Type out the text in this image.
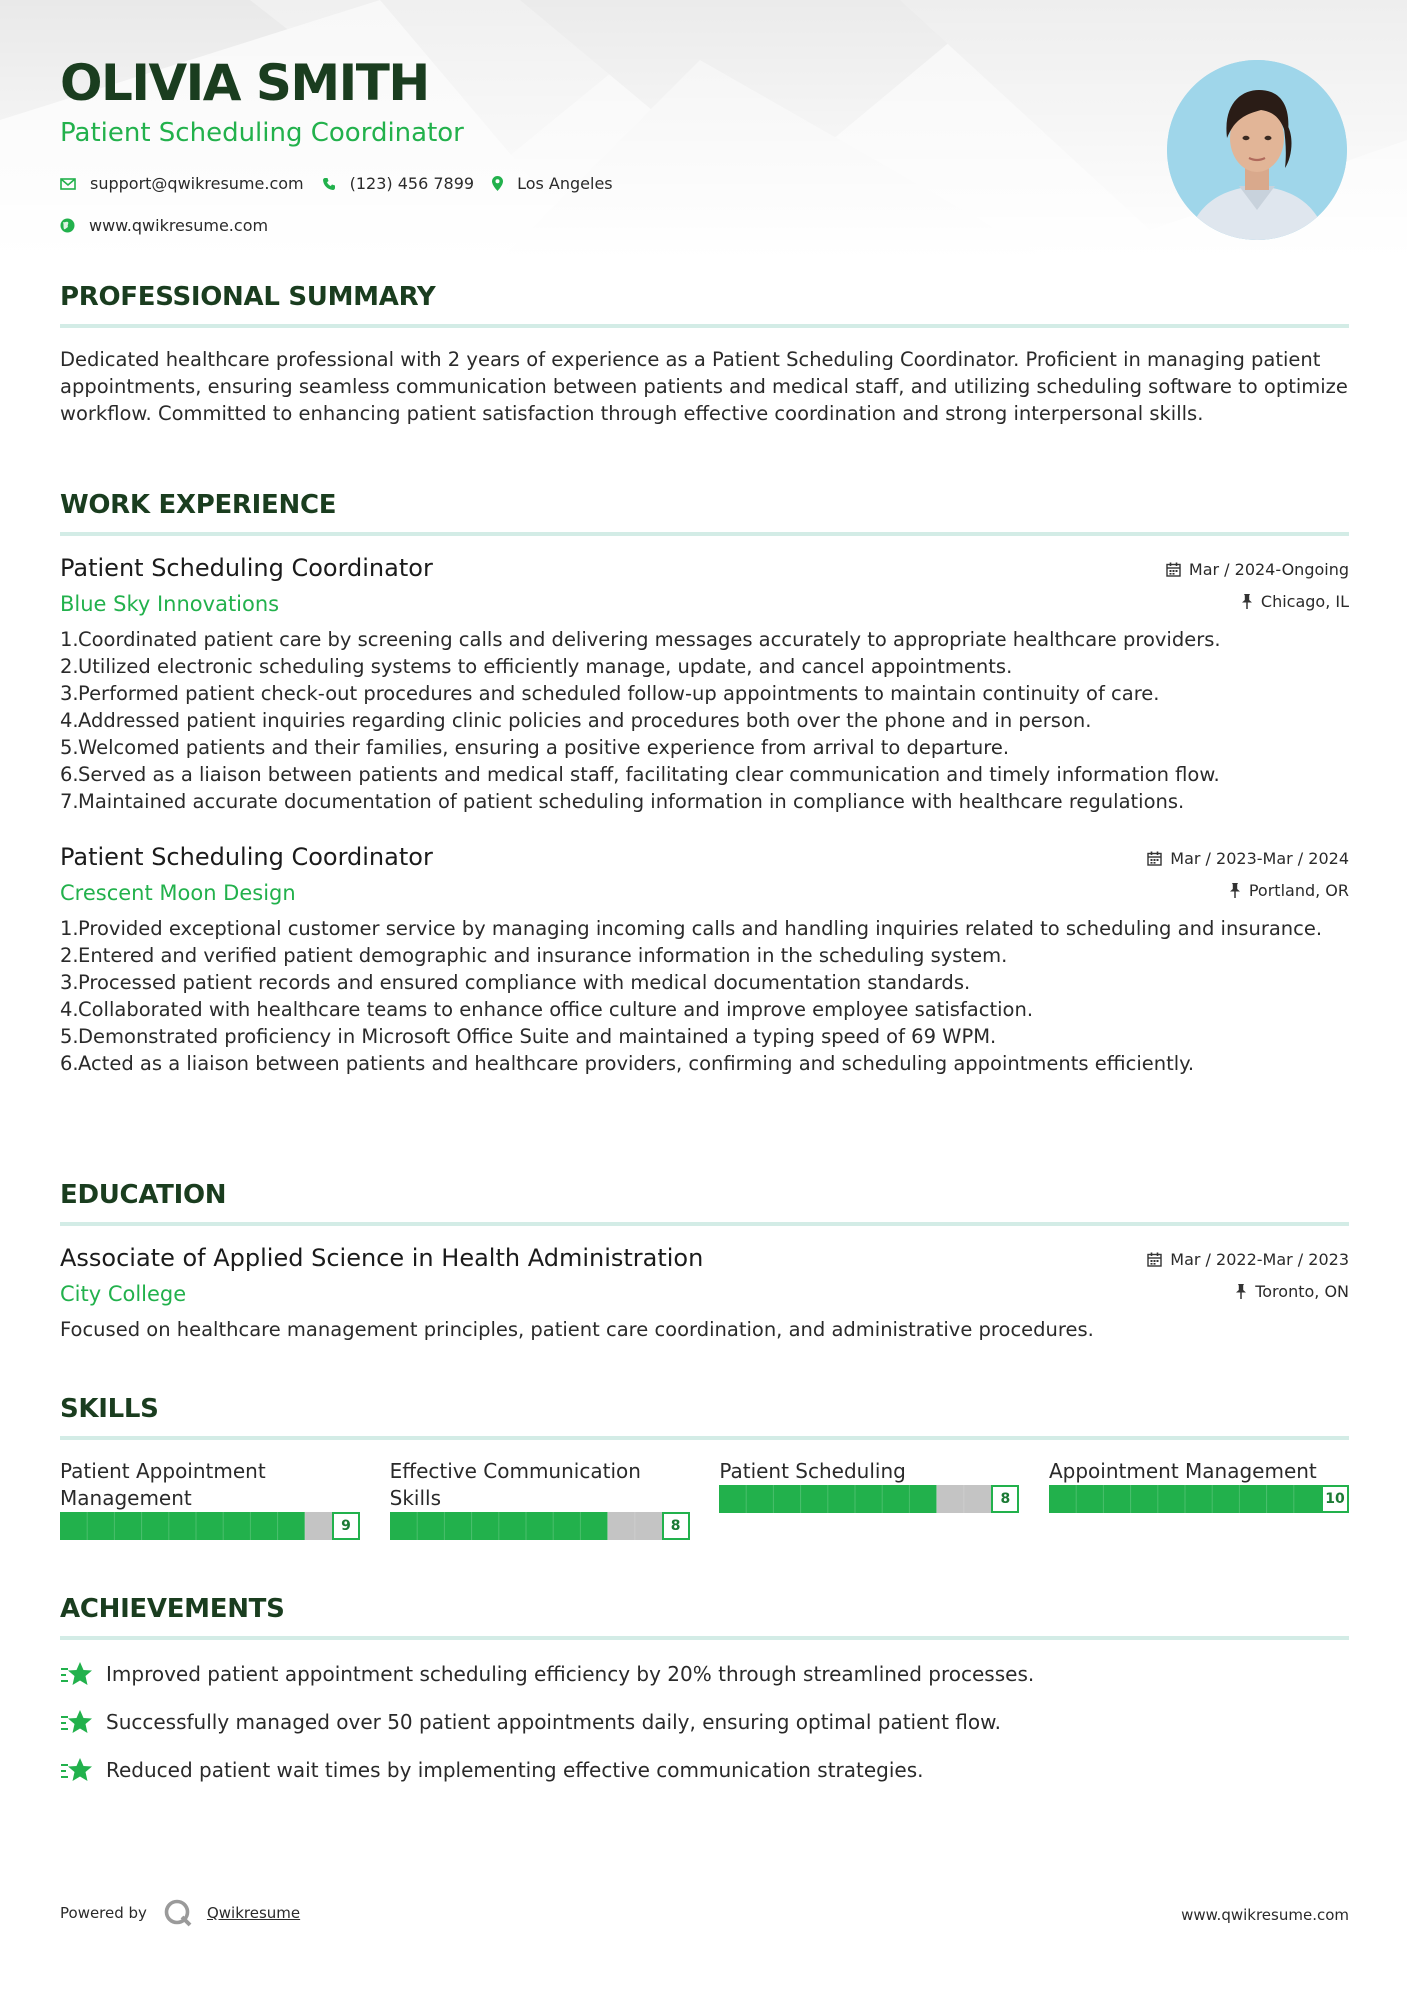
OLIVIA SMITH
Patient Scheduling Coordinator
support@qwikresume.com	(123) 456 7899	Los Angeles
www.qwikresume.com
PROFESSIONAL SUMMARY

Dedicated healthcare professional with 2 years of experience as a Patient Scheduling Coordinator. Proficient in managing patient appointments, ensuring seamless communication between patients and medical staff, and utilizing scheduling software to optimize workflow. Committed to enhancing patient satisfaction through effective coordination and strong interpersonal skills.

WORK EXPERIENCE
Patient Scheduling Coordinator
Blue Sky Innovations
Mar / 2024-Ongoing
Chicago, IL
Coordinated patient care by screening calls and delivering messages accurately to appropriate healthcare providers.
Utilized electronic scheduling systems to efficiently manage, update, and cancel appointments.
Performed patient check-out procedures and scheduled follow-up appointments to maintain continuity of care.
Addressed patient inquiries regarding clinic policies and procedures both over the phone and in person.
Welcomed patients and their families, ensuring a positive experience from arrival to departure.
Served as a liaison between patients and medical staff, facilitating clear communication and timely information flow.
Maintained accurate documentation of patient scheduling information in compliance with healthcare regulations.
Patient Scheduling Coordinator
Crescent Moon Design
Mar / 2023-Mar / 2024
Portland, OR
Provided exceptional customer service by managing incoming calls and handling inquiries related to scheduling and insurance.
Entered and verified patient demographic and insurance information in the scheduling system.
Processed patient records and ensured compliance with medical documentation standards.
Collaborated with healthcare teams to enhance office culture and improve employee satisfaction.
Demonstrated proficiency in Microsoft Office Suite and maintained a typing speed of 69 WPM.
Acted as a liaison between patients and healthcare providers, confirming and scheduling appointments efficiently.
EDUCATION
Associate of Applied Science in Health Administration
City College
Mar / 2022-Mar / 2023
Toronto, ON

Focused on healthcare management principles, patient care coordination, and administrative procedures.

SKILLS
Patient Appointment Management
9
Effective Communication Skills
8
Patient Scheduling
8
Appointment Management
10
ACHIEVEMENTS
Improved patient appointment scheduling efficiency by 20% through streamlined processes.
Successfully managed over 50 patient appointments daily, ensuring optimal patient flow.
Reduced patient wait times by implementing effective communication strategies.
Powered by	Qwikresume	www.qwikresume.com
